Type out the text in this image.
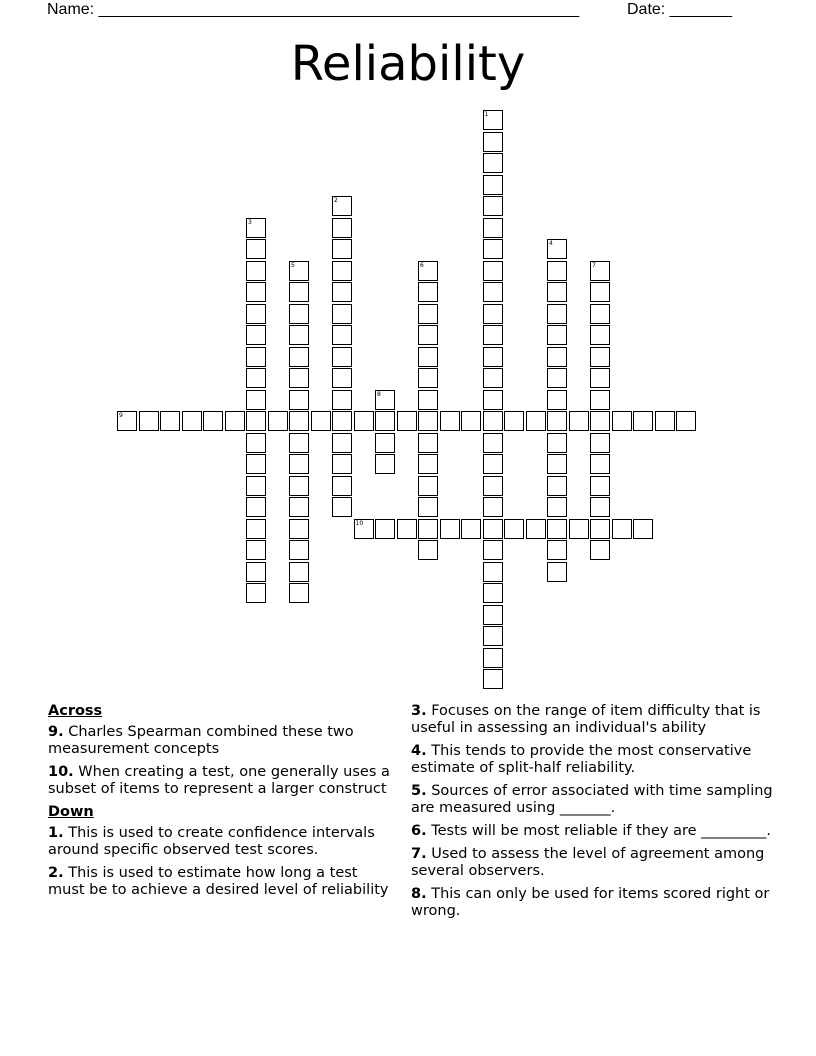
Name: ______________________________________________________	Date: _______
Reliability
1
2
3
4
5	6	7
8
9
10
Across
9. Charles Spearman combined these two measurement concepts
10. When creating a test, one generally uses a subset of items to represent a larger construct
Down
1. This is used to create confidence intervals around specific observed test scores.
2. This is used to estimate how long a test must be to achieve a desired level of reliability
3. Focuses on the range of item difficulty that is useful in assessing an individual's ability
4. This tends to provide the most conservative estimate of split-half reliability.
5. Sources of error associated with time sampling are measured using _______.
6. Tests will be most reliable if they are _________.
7. Used to assess the level of agreement among several observers.
8. This can only be used for items scored right or wrong.
